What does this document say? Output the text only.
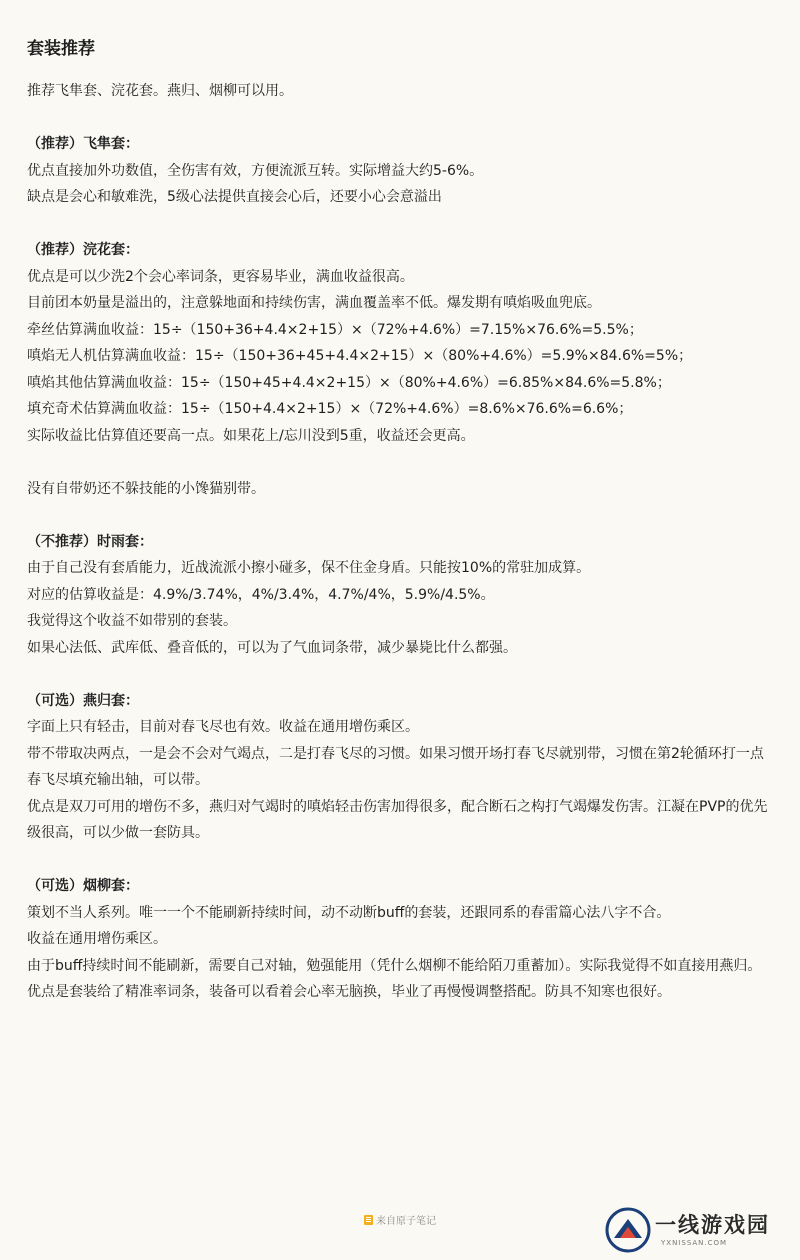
套装推荐
推荐飞隼套、浣花套。燕归、烟柳可以用。
（推荐）飞隼套：
优点直接加外功数值，全伤害有效，方便流派互转。实际增益大约5-6%。
缺点是会心和敏难洗，5级心法提供直接会心后，还要小心会意溢出
（推荐）浣花套：
优点是可以少洗2个会心率词条，更容易毕业，满血收益很高。
目前团本奶量是溢出的，注意躲地面和持续伤害，满血覆盖率不低。爆发期有嗔焰吸血兜底。
牵丝估算满血收益：15÷（150+36+4.4×2+15）×（72%+4.6%）=7.15%×76.6%=5.5%；
嗔焰无人机估算满血收益：15÷（150+36+45+4.4×2+15）×（80%+4.6%）=5.9%×84.6%=5%；
嗔焰其他估算满血收益：15÷（150+45+4.4×2+15）×（80%+4.6%）=6.85%×84.6%=5.8%；
填充奇术估算满血收益：15÷（150+4.4×2+15）×（72%+4.6%）=8.6%×76.6%=6.6%；
实际收益比估算值还要高一点。如果花上/忘川没到5重，收益还会更高。
没有自带奶还不躲技能的小馋猫别带。
（不推荐）时雨套：
由于自己没有套盾能力，近战流派小擦小碰多，保不住金身盾。只能按10%的常驻加成算。
对应的估算收益是：4.9%/3.74%，4%/3.4%，4.7%/4%，5.9%/4.5%。
我觉得这个收益不如带别的套装。
如果心法低、武库低、叠音低的，可以为了气血词条带，减少暴毙比什么都强。
（可选）燕归套：
字面上只有轻击，目前对春飞尽也有效。收益在通用增伤乘区。
带不带取决两点，一是会不会对气竭点，二是打春飞尽的习惯。如果习惯开场打春飞尽就别带，习惯在第2轮循环打一点春飞尽填充输出轴，可以带。
优点是双刀可用的增伤不多，燕归对气竭时的嗔焰轻击伤害加得很多，配合断石之构打气竭爆发伤害。江凝在PVP的优先级很高，可以少做一套防具。
（可选）烟柳套：
策划不当人系列。唯一一个不能刷新持续时间，动不动断buff的套装，还跟同系的春雷篇心法八字不合。
收益在通用增伤乘区。
由于buff持续时间不能刷新，需要自己对轴，勉强能用（凭什么烟柳不能给陌刀重蓄加）。实际我觉得不如直接用燕归。
优点是套装给了精准率词条，装备可以看着会心率无脑换，毕业了再慢慢调整搭配。防具不知寒也很好。
来自原子笔记	一线游戏园
YXNISSAN.COM
